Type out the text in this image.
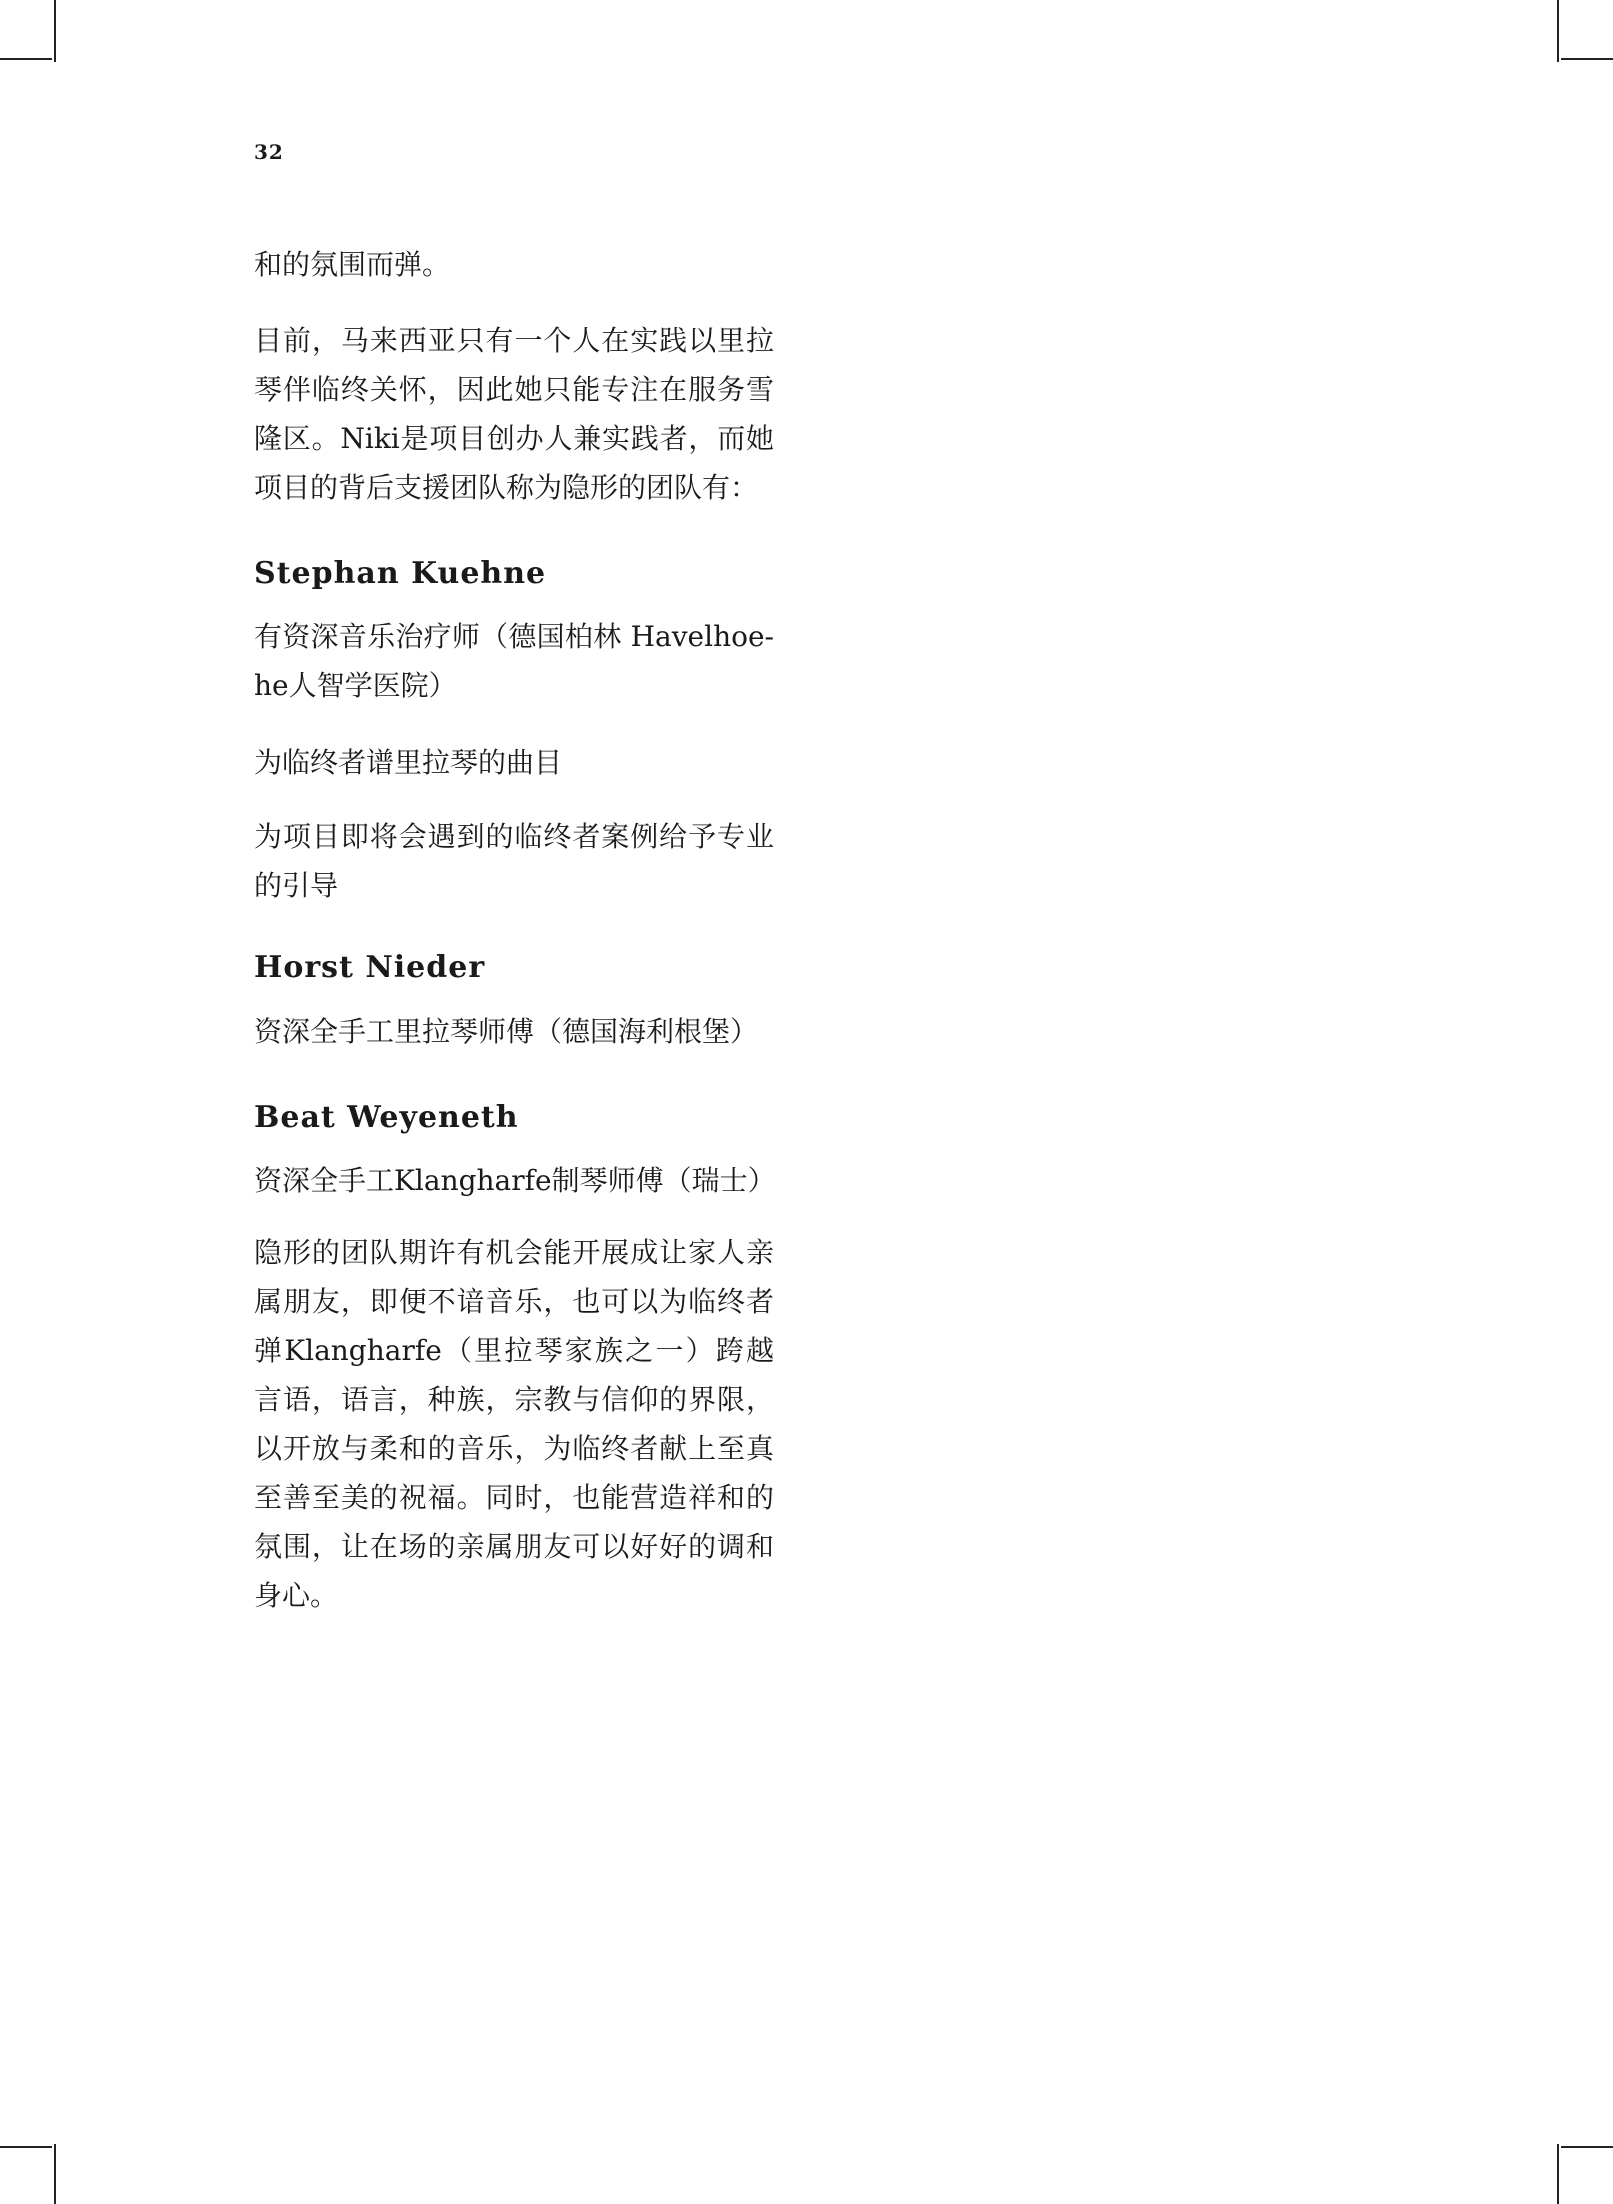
32

和的氛围而弹。

目前，马来西亚只有一个人在实践以里拉琴伴临终关怀，因此她只能专注在服务雪隆区。Niki是项目创办人兼实践者，而她项目的背后支援团队称为隐形的团队有：

Stephan Kuehne

有资深音乐治疗师（德国柏林 Havelhoe-he人智学医院）

为临终者谱里拉琴的曲目

为项目即将会遇到的临终者案例给予专业的引导

Horst Nieder

资深全手工里拉琴师傅（德国海利根堡）

Beat Weyeneth

资深全手工Klangharfe制琴师傅（瑞士）

隐形的团队期许有机会能开展成让家人亲属朋友，即便不谙音乐，也可以为临终者弹Klangharfe（里拉琴家族之一）跨越言语，语言，种族，宗教与信仰的界限，以开放与柔和的音乐，为临终者献上至真至善至美的祝福。同时，也能营造祥和的氛围，让在场的亲属朋友可以好好的调和身心。
